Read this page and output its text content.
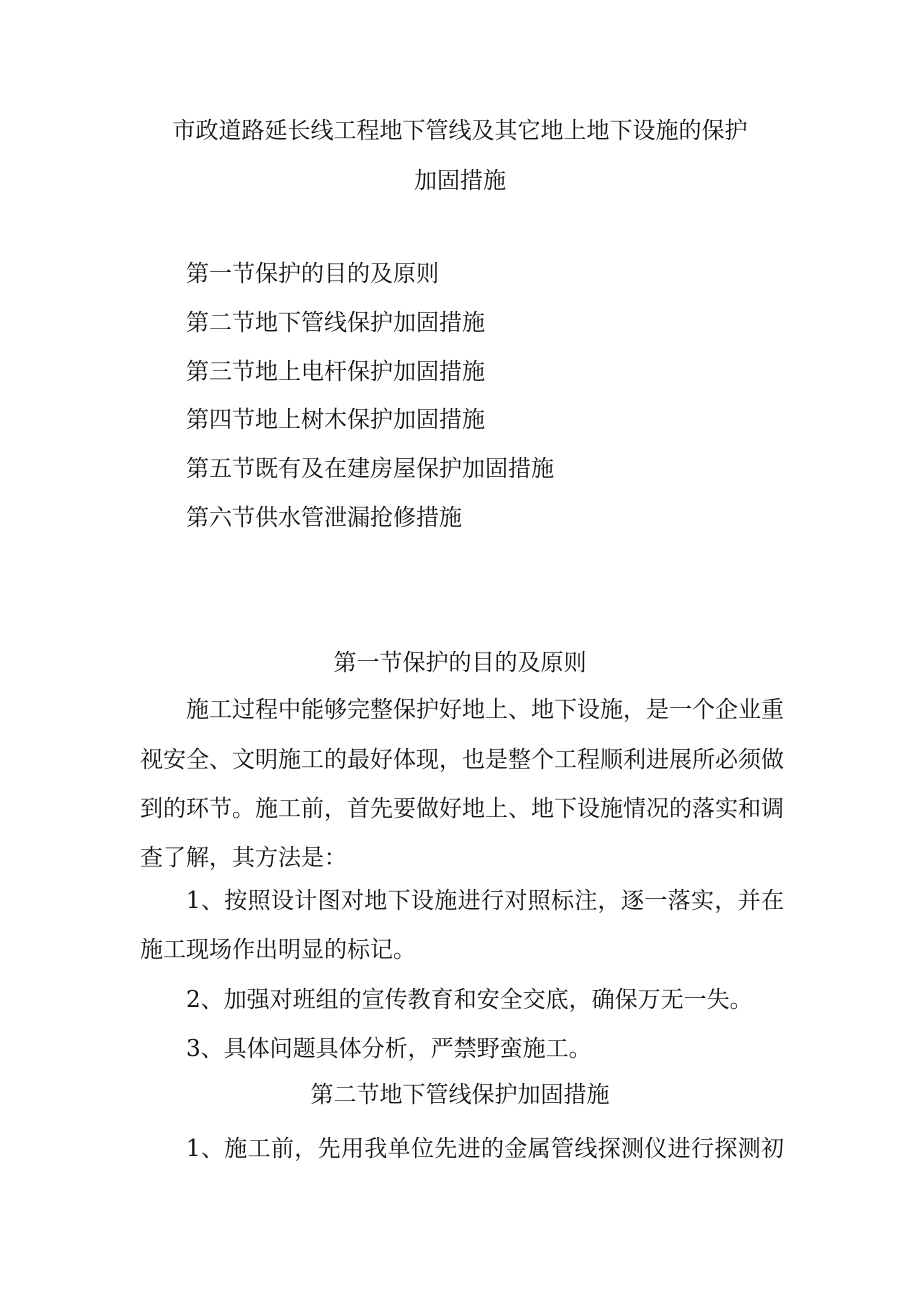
市政道路延长线工程地下管线及其它地上地下设施的保护
加固措施
第一节保护的目的及原则
第二节地下管线保护加固措施
第三节地上电杆保护加固措施
第四节地上树木保护加固措施
第五节既有及在建房屋保护加固措施
第六节供水管泄漏抢修措施
第一节保护的目的及原则
施工过程中能够完整保护好地上、地下设施，是一个企业重
视安全、文明施工的最好体现，也是整个工程顺利进展所必须做
到的环节。施工前，首先要做好地上、地下设施情况的落实和调
查了解，其方法是：
1、按照设计图对地下设施进行对照标注，逐一落实，并在
施工现场作出明显的标记。
2、加强对班组的宣传教育和安全交底，确保万无一失。
3、具体问题具体分析，严禁野蛮施工。
第二节地下管线保护加固措施
1、施工前，先用我单位先进的金属管线探测仪进行探测初
